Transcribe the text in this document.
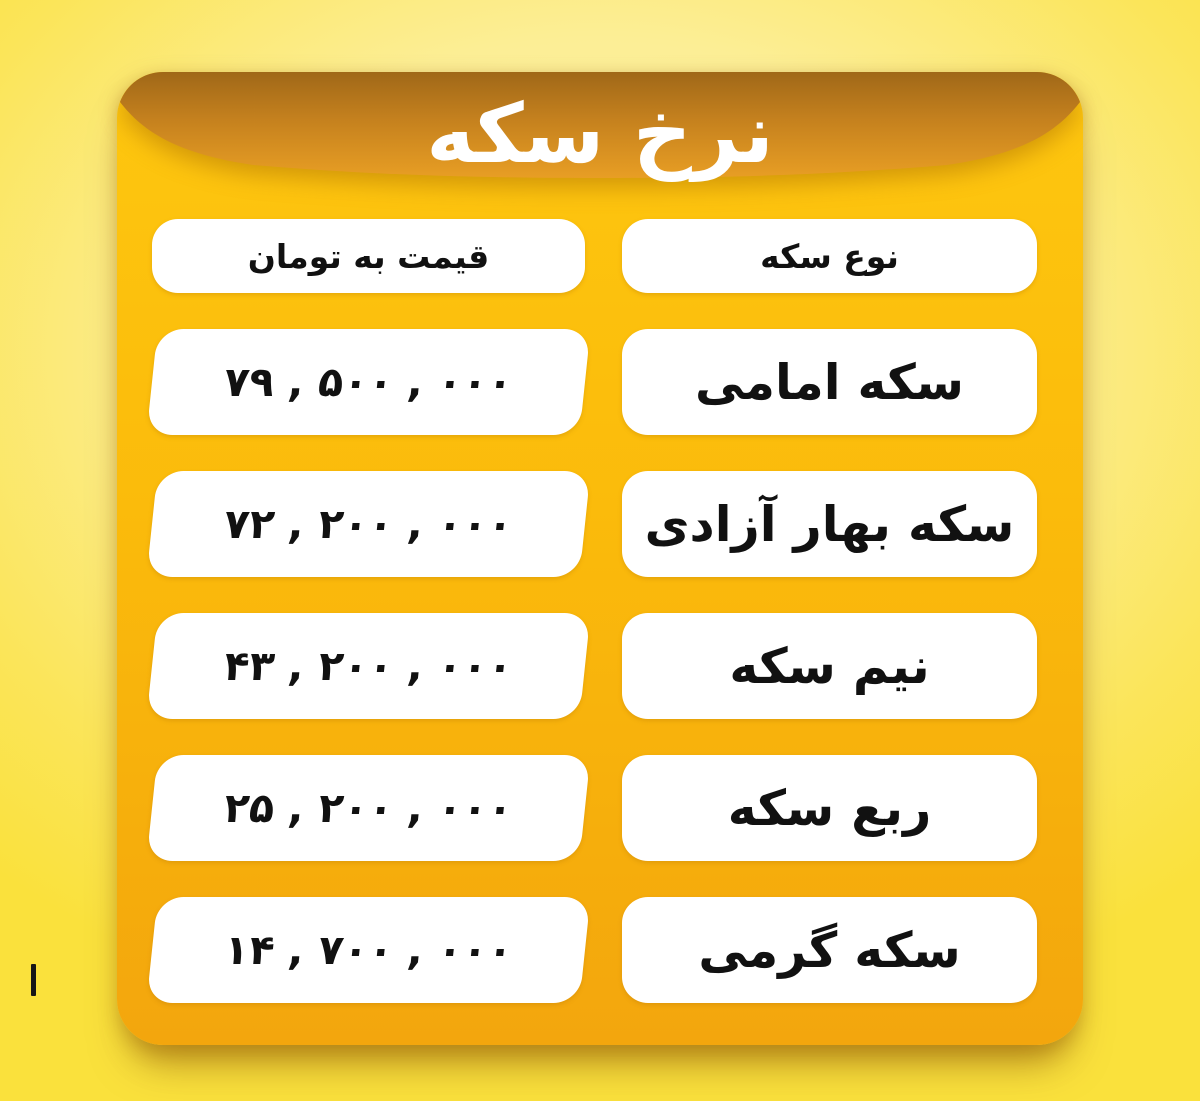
نرخ سکه
قیمت به تومان	نوع سکه
۷۹ , ۵۰۰ , ۰۰۰	سکه امامی
۷۲ , ۲۰۰ , ۰۰۰	سکه بهار آزادی
۴۳ , ۲۰۰ , ۰۰۰	نیم سکه
۲۵ , ۲۰۰ , ۰۰۰	ربع سکه
۱۴ , ۷۰۰ , ۰۰۰	سکه گرمی
